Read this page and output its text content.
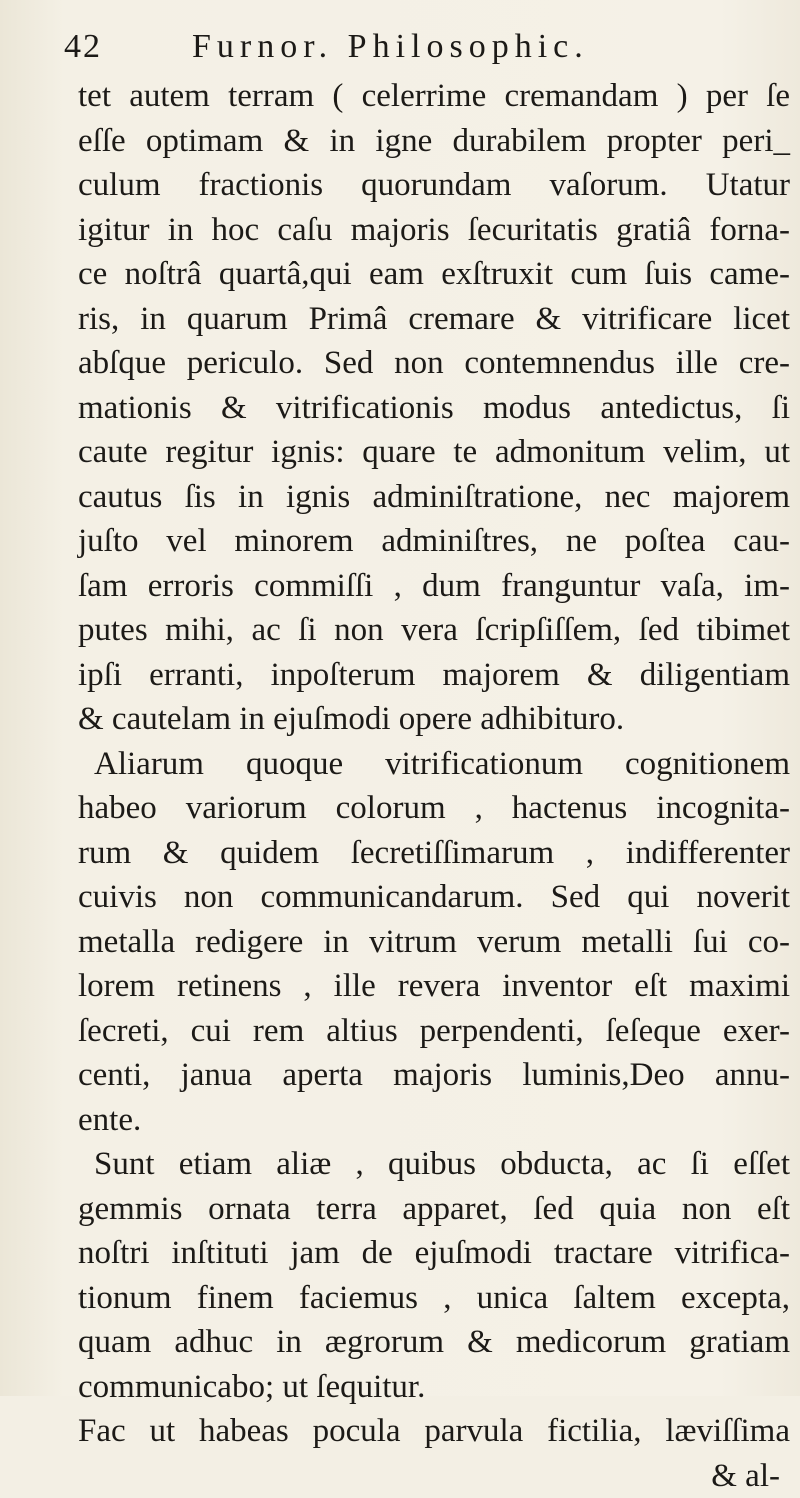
42	Furnor. Philosophic.
tet autem terram ( celerrime cremandam ) per ſe
eſſe optimam & in igne durabilem propter peri_
culum fractionis quorundam vaſorum. Utatur
igitur in hoc caſu majoris ſecuritatis gratiâ forna-
ce noſtrâ quartâ,qui eam exſtruxit cum ſuis came-
ris, in quarum Primâ cremare & vitrificare licet
abſque periculo. Sed non contemnendus ille cre-
mationis & vitrificationis modus antedictus, ſi
caute regitur ignis: quare te admonitum velim, ut
cautus ſis in ignis adminiſtratione, nec majorem
juſto vel minorem adminiſtres, ne poſtea cau-
ſam erroris commiſſi , dum franguntur vaſa, im-
putes mihi, ac ſi non vera ſcripſiſſem, ſed tibimet
ipſi erranti, inpoſterum majorem & diligentiam
& cautelam in ejuſmodi opere adhibituro.
Aliarum quoque vitrificationum cognitionem
habeo variorum colorum , hactenus incognita-
rum & quidem ſecretiſſimarum , indifferenter
cuivis non communicandarum. Sed qui noverit
metalla redigere in vitrum verum metalli ſui co-
lorem retinens , ille revera inventor eſt maximi
ſecreti, cui rem altius perpendenti, ſeſeque exer-
centi, janua aperta majoris luminis,Deo annu-
ente.
Sunt etiam aliæ , quibus obducta, ac ſi eſſet
gemmis ornata terra apparet, ſed quia non eſt
noſtri inſtituti jam de ejuſmodi tractare vitrifica-
tionum finem faciemus , unica ſaltem excepta,
quam adhuc in ægrorum & medicorum gratiam
communicabo; ut ſequitur.
Fac ut habeas pocula parvula fictilia, læviſſima
& al-
